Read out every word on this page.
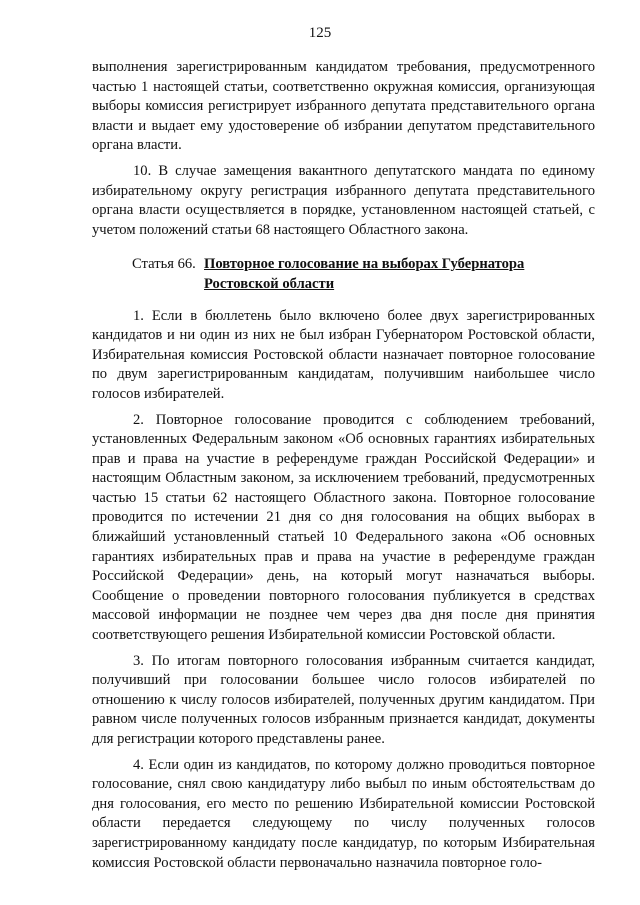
125

выполнения зарегистрированным кандидатом требования, предусмотренного частью 1 настоящей статьи, соответственно окружная комиссия, организующая выборы комиссия регистрирует избранного депутата представительного органа власти и выдает ему удостоверение об избрании депутатом представительного органа власти.

10. В случае замещения вакантного депутатского мандата по единому избирательному округу регистрация избранного депутата представительного органа власти осуществляется в порядке, установленном настоящей статьей, с учетом положений статьи 68 настоящего Областного закона.

Статья 66. Повторное голосование на выборах Губернатора Ростовской области

1. Если в бюллетень было включено более двух зарегистрированных кандидатов и ни один из них не был избран Губернатором Ростовской области, Избирательная комиссия Ростовской области назначает повторное голосование по двум зарегистрированным кандидатам, получившим наибольшее число голосов избирателей.

2. Повторное голосование проводится с соблюдением требований, установленных Федеральным законом «Об основных гарантиях избирательных прав и права на участие в референдуме граждан Российской Федерации» и настоящим Областным законом, за исключением требований, предусмотренных частью 15 статьи 62 настоящего Областного закона. Повторное голосование проводится по истечении 21 дня со дня голосования на общих выборах в ближайший установленный статьей 10 Федерального закона «Об основных гарантиях избирательных прав и права на участие в референдуме граждан Российской Федерации» день, на который могут назначаться выборы. Сообщение о проведении повторного голосования публикуется в средствах массовой информации не позднее чем через два дня после дня принятия соответствующего решения Избирательной комиссии Ростовской области.

3. По итогам повторного голосования избранным считается кандидат, получивший при голосовании большее число голосов избирателей по отношению к числу голосов избирателей, полученных другим кандидатом. При равном числе полученных голосов избранным признается кандидат, документы для регистрации которого представлены ранее.

4. Если один из кандидатов, по которому должно проводиться повторное голосование, снял свою кандидатуру либо выбыл по иным обстоятельствам до дня голосования, его место по решению Избирательной комиссии Ростовской области передается следующему по числу полученных голосов зарегистрированному кандидату после кандидатур, по которым Избирательная комиссия Ростовской области первоначально назначила повторное голо-
